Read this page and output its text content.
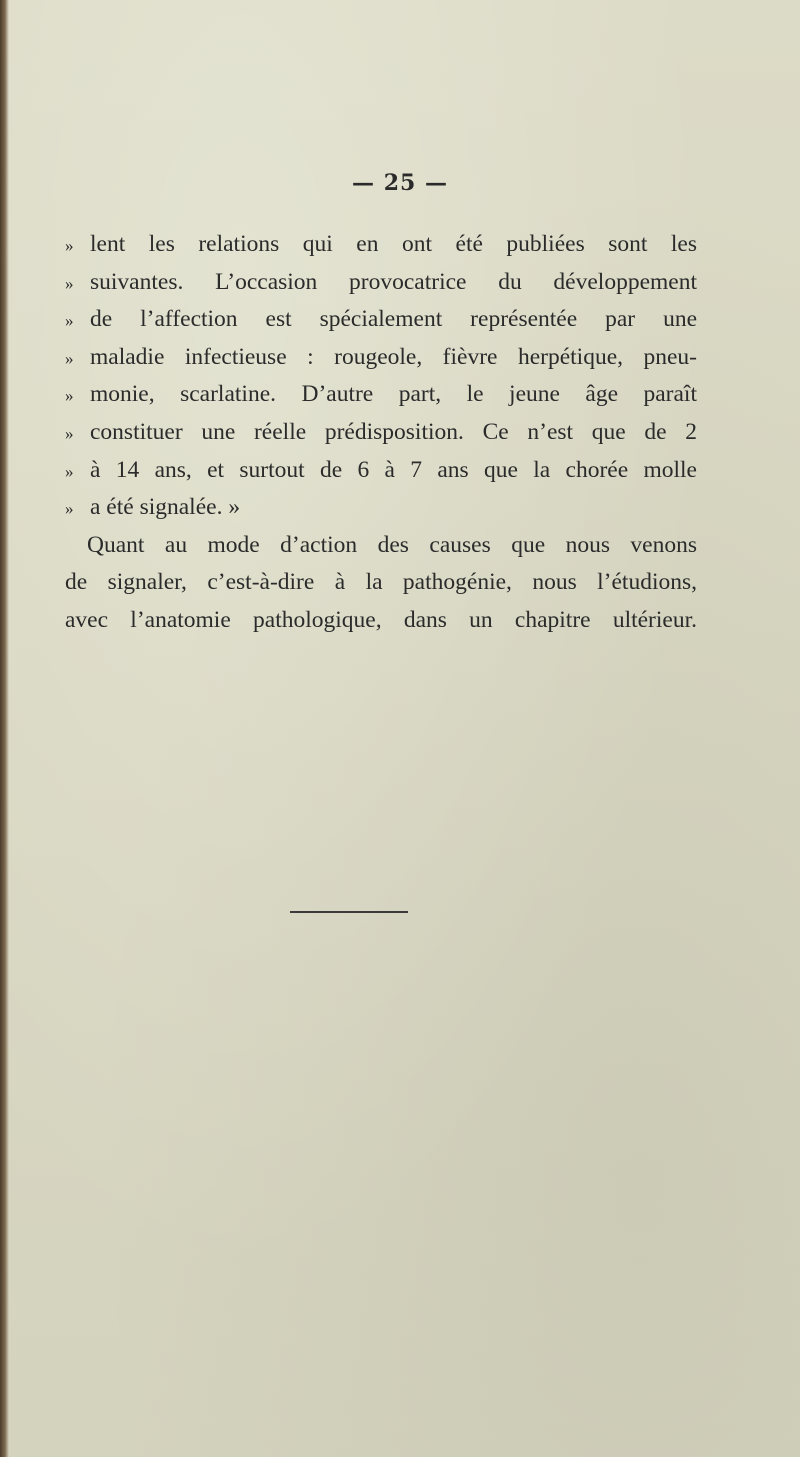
— 25 —
» lent les relations qui en ont été publiées sont les
» suivantes. L’occasion provocatrice du développement
» de l’affection est spécialement représentée par une
» maladie infectieuse : rougeole, fièvre herpétique, pneu-
» monie, scarlatine. D’autre part, le jeune âge paraît
» constituer une réelle prédisposition. Ce n’est que de 2
» à 14 ans, et surtout de 6 à 7 ans que la chorée molle
» a été signalée. »
Quant au mode d’action des causes que nous venons
de signaler, c’est-à-dire à la pathogénie, nous l’étudions,
avec l’anatomie pathologique, dans un chapitre ultérieur.
